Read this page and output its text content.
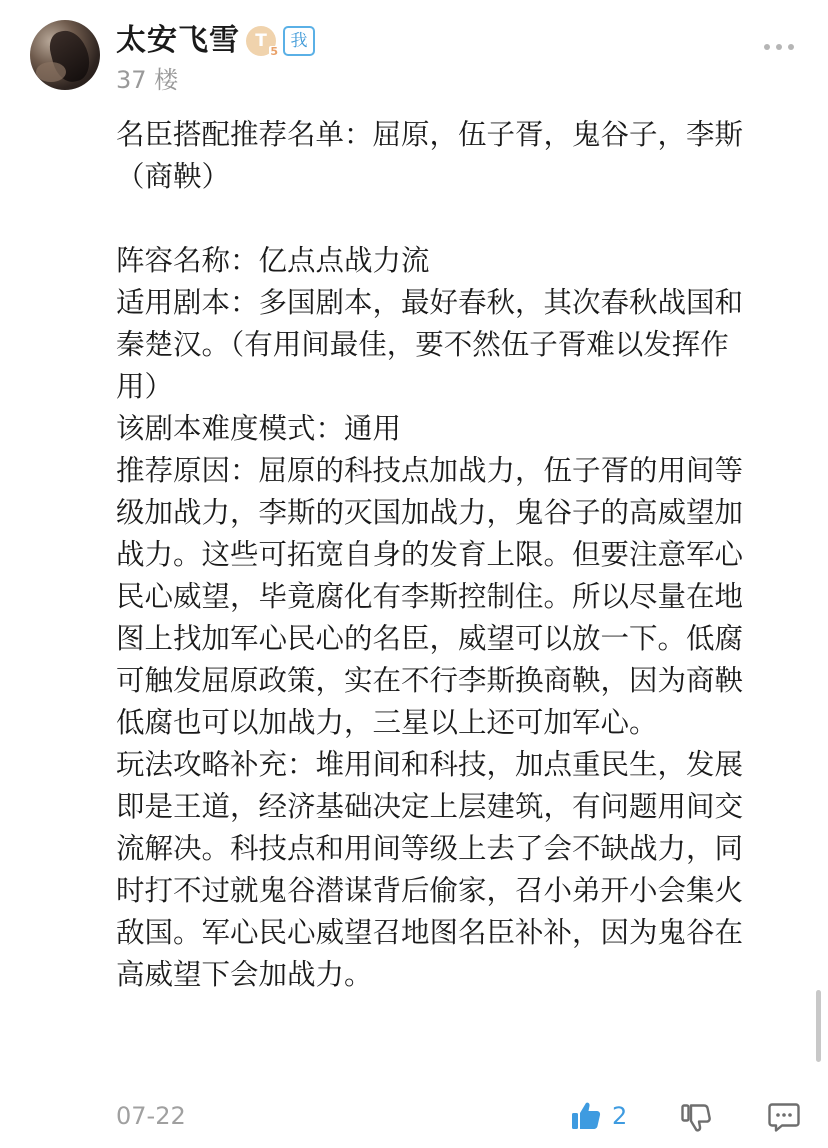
太安飞雪 T
5
我
37 楼
名臣搭配推荐名单：屈原，伍子胥，鬼谷子，李斯
（商鞅）

阵容名称：亿点点战力流
适用剧本：多国剧本，最好春秋，其次春秋战国和
秦楚汉。（有用间最佳，要不然伍子胥难以发挥作
用）
该剧本难度模式：通用
推荐原因：屈原的科技点加战力，伍子胥的用间等
级加战力，李斯的灭国加战力，鬼谷子的高威望加
战力。这些可拓宽自身的发育上限。但要注意军心
民心威望，毕竟腐化有李斯控制住。所以尽量在地
图上找加军心民心的名臣，威望可以放一下。低腐
可触发屈原政策，实在不行李斯换商鞅，因为商鞅
低腐也可以加战力，三星以上还可加军心。
玩法攻略补充：堆用间和科技，加点重民生，发展
即是王道，经济基础决定上层建筑，有问题用间交
流解决。科技点和用间等级上去了会不缺战力，同
时打不过就鬼谷潜谋背后偷家，召小弟开小会集火
敌国。军心民心威望召地图名臣补补，因为鬼谷在
高威望下会加战力。
07-22	2
